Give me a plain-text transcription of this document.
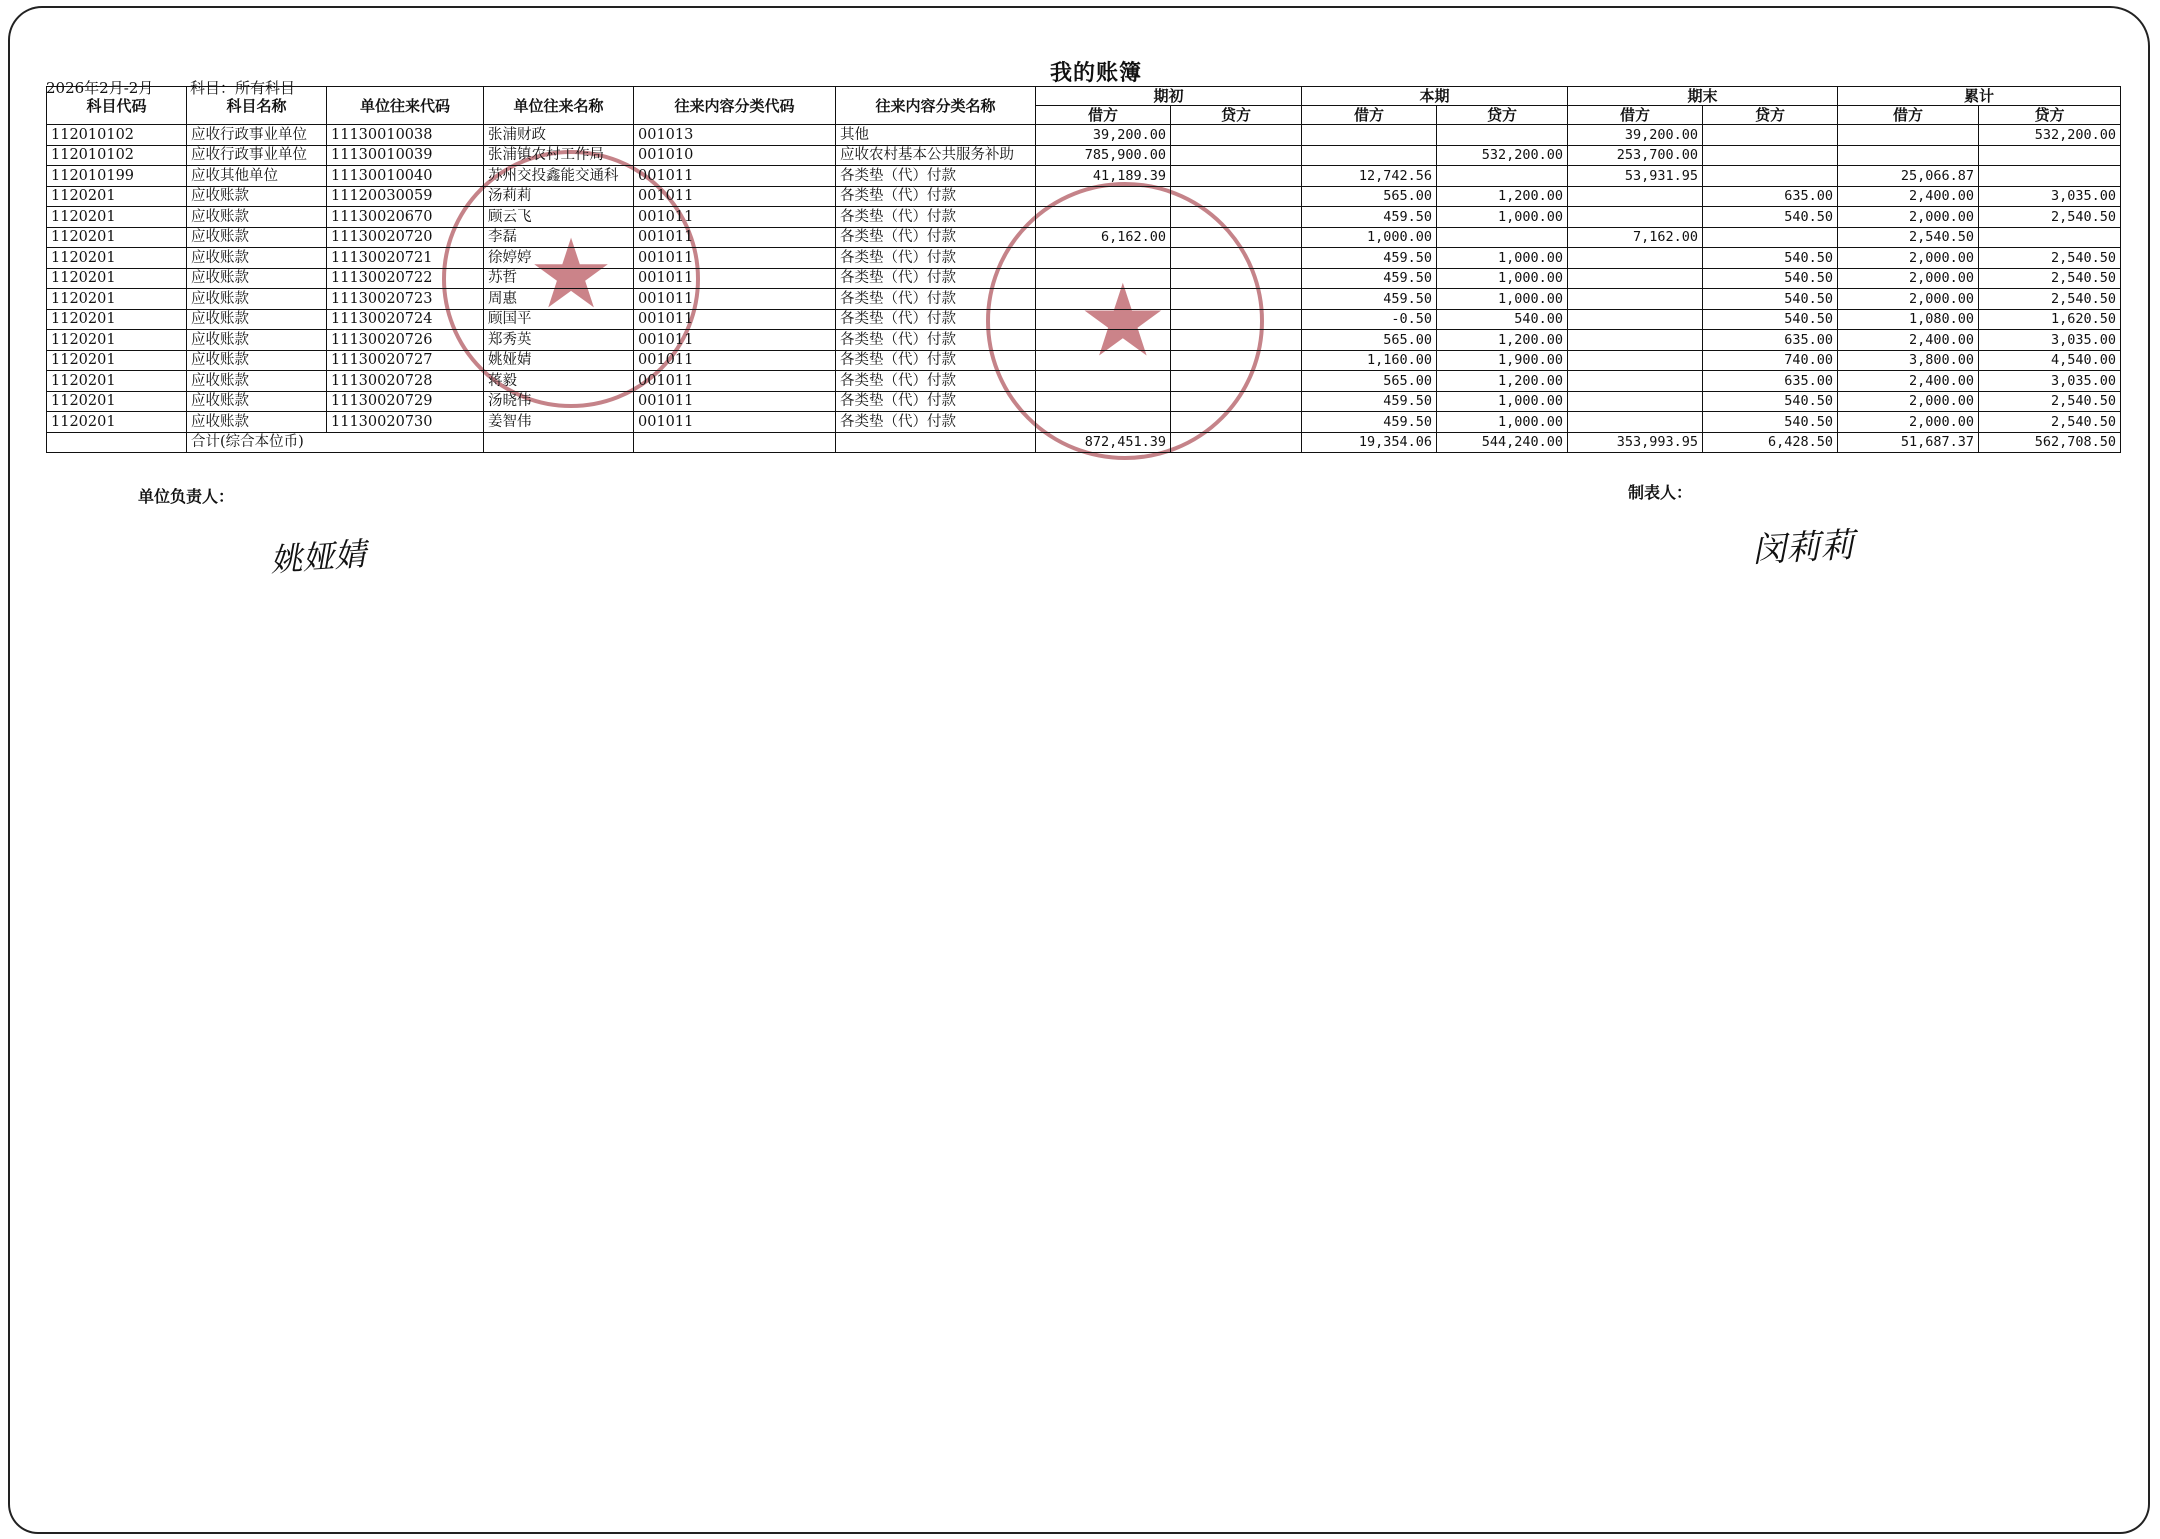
我的账簿
2026年2月-2月 科目：所有科目
★	★
科目代码	科目名称	单位往来代码	单位往来名称	往来内容分类代码	往来内容分类名称	期初		本期		期末		累计	
						借方	贷方	借方	贷方	借方	贷方	借方	贷方
112010102	应收行政事业单位	11130010038	张浦财政	001013	其他	39,200.00				39,200.00			532,200.00
112010102	应收行政事业单位	11130010039	张浦镇农村工作局	001010	应收农村基本公共服务补助	785,900.00			532,200.00	253,700.00			
112010199	应收其他单位	11130010040	苏州交投鑫能交通科	001011	各类垫（代）付款	41,189.39		12,742.56		53,931.95		25,066.87	
1120201	应收账款	11120030059	汤莉莉	001011	各类垫（代）付款			565.00	1,200.00		635.00	2,400.00	3,035.00
1120201	应收账款	11130020670	顾云飞	001011	各类垫（代）付款			459.50	1,000.00		540.50	2,000.00	2,540.50
1120201	应收账款	11130020720	李磊	001011	各类垫（代）付款	6,162.00		1,000.00		7,162.00		2,540.50	
1120201	应收账款	11130020721	徐婷婷	001011	各类垫（代）付款			459.50	1,000.00		540.50	2,000.00	2,540.50
1120201	应收账款	11130020722	苏哲	001011	各类垫（代）付款			459.50	1,000.00		540.50	2,000.00	2,540.50
1120201	应收账款	11130020723	周惠	001011	各类垫（代）付款			459.50	1,000.00		540.50	2,000.00	2,540.50
1120201	应收账款	11130020724	顾国平	001011	各类垫（代）付款			-0.50	540.00		540.50	1,080.00	1,620.50
1120201	应收账款	11130020726	郑秀英	001011	各类垫（代）付款			565.00	1,200.00		635.00	2,400.00	3,035.00
1120201	应收账款	11130020727	姚娅婧	001011	各类垫（代）付款			1,160.00	1,900.00		740.00	3,800.00	4,540.00
1120201	应收账款	11130020728	蒋毅	001011	各类垫（代）付款			565.00	1,200.00		635.00	2,400.00	3,035.00
1120201	应收账款	11130020729	汤晓伟	001011	各类垫（代）付款			459.50	1,000.00		540.50	2,000.00	2,540.50
1120201	应收账款	11130020730	姜智伟	001011	各类垫（代）付款			459.50	1,000.00		540.50	2,000.00	2,540.50
	合计(综合本位币)					872,451.39		19,354.06	544,240.00	353,993.95	6,428.50	51,687.37	562,708.50
单位负责人：	制表人：
姚娅婧	闵莉莉
